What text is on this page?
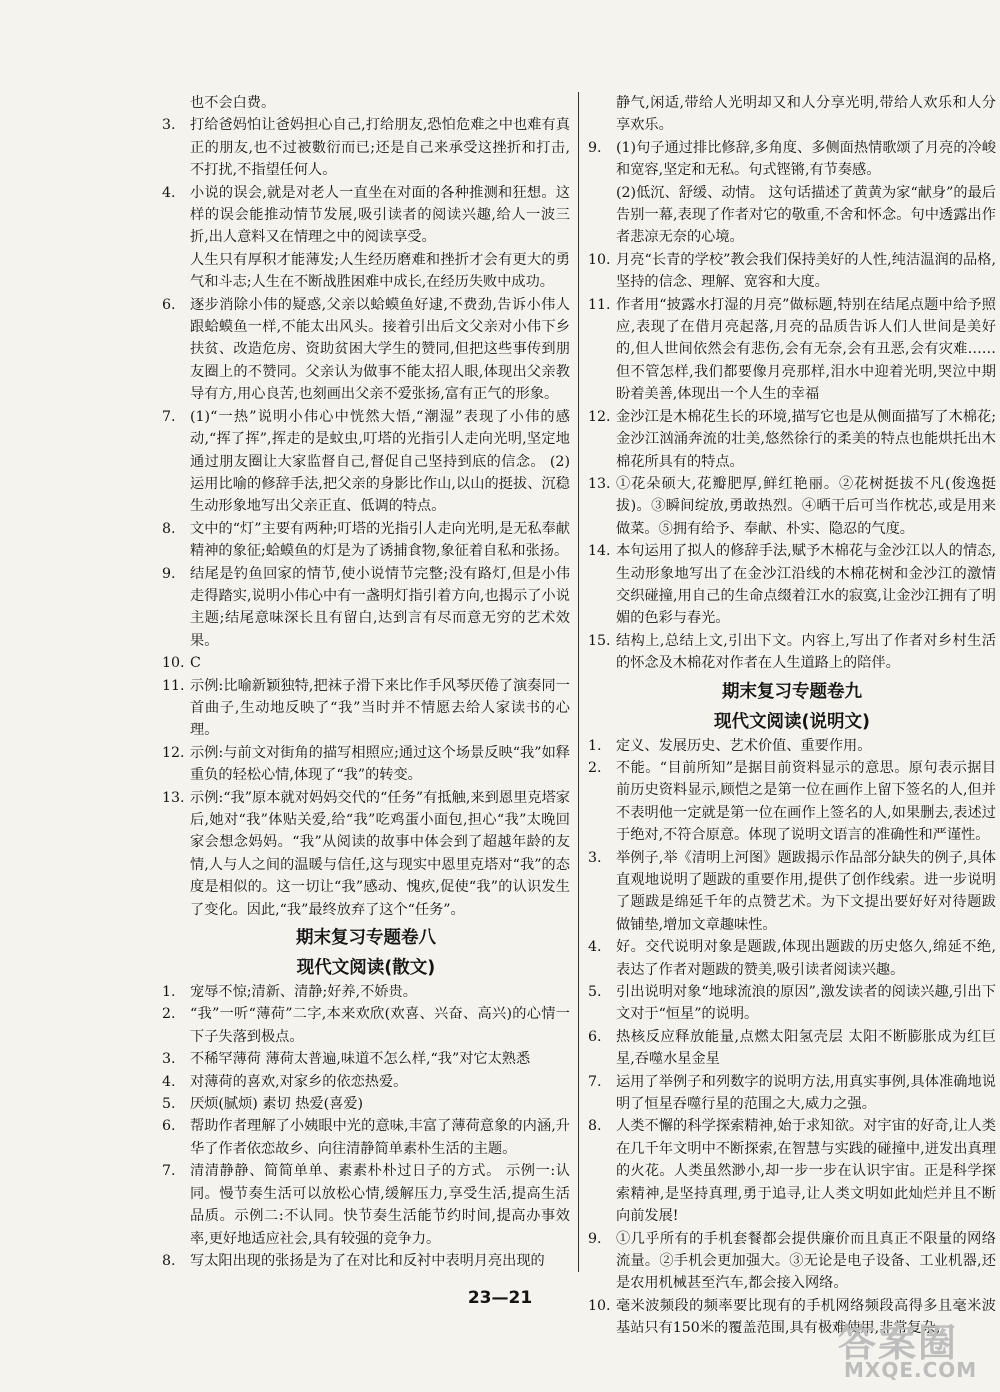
也不会白费。
3.	打给爸妈怕让爸妈担心自己,打给朋友,恐怕危难之中也难有真正的朋友,也不过被數衍而已;还是自己来承受这挫折和打击,不打扰,不指望任何人。
4.	小说的误会,就是对老人一直坐在对面的各种推测和狂想。这样的误会能推动情节发展,吸引读者的阅读兴趣,给人一波三折,出人意料又在情理之中的阅读享受。
人生只有厚积才能薄发;人生经历磨难和挫折才会有更大的勇气和斗志;人生在不断战胜困难中成长,在经历失败中成功。
6.	逐步消除小伟的疑惑,父亲以蛤蟆鱼好逮,不费劲,告诉小伟人跟蛤蟆鱼一样,不能太出风头。接着引出后文父亲对小伟下乡扶贫、改造危房、资助贫困大学生的赞同,但把这些事传到朋友圈上的不赞同。父亲认为做事不能太招人眼,体现出父亲教导有方,用心良苦,也刻画出父亲不爱张扬,富有正气的形象。
7.	(1)“一热”说明小伟心中恍然大悟,“潮湿”表现了小伟的感动,“挥了挥”,挥走的是蚊虫,叮塔的光指引人走向光明,坚定地通过朋友圈让大家监督自己,督促自己坚持到底的信念。 (2)运用比喻的修辞手法,把父亲的身影比作山,以山的挺拔、沉稳生动形象地写出父亲正直、低调的特点。
8.	文中的“灯”主要有两种;叮塔的光指引人走向光明,是无私奉献精神的象征;蛤蟆鱼的灯是为了诱捕食物,象征着自私和张扬。
9.	结尾是钓鱼回家的情节,使小说情节完整;没有路灯,但是小伟走得踏实,说明小伟心中有一盏明灯指引着方向,也揭示了小说主题;结尾意味深长且有留白,达到言有尽而意无穷的艺术效果。
10. C
11. 示例:比喻新颖独特,把袜子滑下来比作手风琴厌倦了演奏同一首曲子,生动地反映了“我”当时并不情愿去给人家读书的心理。
12. 示例:与前文对街角的描写相照应;通过这个场景反映“我”如释重负的轻松心情,体现了“我”的转变。
13. 示例:“我”原本就对妈妈交代的“任务”有抵触,来到恩里克塔家后,她对“我”体贴关爱,给“我”吃鸡蛋小面包,担心“我”太晚回家会想念妈妈。“我”从阅读的故事中体会到了超越年龄的友情,人与人之间的温暖与信任,这与现实中恩里克塔对“我”的态度是相似的。这一切让“我”感动、愧疚,促使“我”的认识发生了变化。因此,“我”最终放弃了这个“任务”。
期末复习专题卷八
现代文阅读(散文)
1.	宠辱不惊;清新、清静;好养,不娇贵。
2.	“我”一听“薄荷”二字,本来欢欣(欢喜、兴奋、高兴)的心情一下子失落到极点。
3.	不稀罕薄荷 薄荷太普遍,味道不怎么样,“我”对它太熟悉
4.	对薄荷的喜欢,对家乡的依恋热爱。
5.	厌烦(腻烦) 素切 热爱(喜爱)
6.	帮助作者理解了小姨眼中光的意味,丰富了薄荷意象的内涵,升华了作者依恋故乡、向往清静简单素朴生活的主题。
7.	清清静静、简简单单、素素朴朴过日子的方式。 示例一:认同。慢节奏生活可以放松心情,缓解压力,享受生活,提高生活品质。示例二:不认同。快节奏生活能节约时间,提高办事效率,更好地适应社会,具有较强的竞争力。
8.	写太阳出现的张扬是为了在对比和反衬中表明月亮出现的
静气,闲适,带给人光明却又和人分享光明,带给人欢乐和人分享欢乐。
9.	(1)句子通过排比修辞,多角度、多侧面热情歌颂了月亮的冷峻和宽容,坚定和无私。句式铿锵,有节奏感。
(2)低沉、舒缓、动情。 这句话描述了黄黄为家“献身”的最后告别一幕,表现了作者对它的敬重,不舍和怀念。句中透露出作者悲凉无奈的心境。
10. 月亮“长青的学校”教会我们保持美好的人性,纯洁温润的品格,坚持的信念、理解、宽容和大度。
11. 作者用“披露水打湿的月亮”做标题,特别在结尾点题中给予照应,表现了在借月亮起落,月亮的品质告诉人们人世间是美好的,但人世间依然会有悲伤,会有无奈,会有丑恶,会有灾难……但不管怎样,我们都要像月亮那样,泪水中迎着光明,哭泣中期盼着美善,体现出一个人生的幸福
12. 金沙江是木棉花生长的环境,描写它也是从侧面描写了木棉花;金沙江汹涌奔流的壮美,悠然徐行的柔美的特点也能烘托出木棉花所具有的特点。
13. ①花朵硕大,花瓣肥厚,鲜红艳丽。②花树挺拔不凡(俊逸挺拔)。③瞬间绽放,勇敢热烈。④晒干后可当作枕芯,或是用来做菜。⑤拥有给予、奉献、朴实、隐忍的气度。
14. 本句运用了拟人的修辞手法,赋予木棉花与金沙江以人的情态,生动形象地写出了在金沙江沿线的木棉花树和金沙江的激情交织碰撞,用自己的生命点缀着江水的寂寞,让金沙江拥有了明媚的色彩与春光。
15. 结构上,总结上文,引出下文。内容上,写出了作者对乡村生活的怀念及木棉花对作者在人生道路上的陪伴。
期末复习专题卷九
现代文阅读(说明文)
1.	定义、发展历史、艺术价值、重要作用。
2.	不能。“目前所知”是据目前资料显示的意思。原句表示据目前历史资料显示,顾恺之是第一位在画作上留下签名的人,但并不表明他一定就是第一位在画作上签名的人,如果删去,表述过于绝对,不符合原意。体现了说明文语言的准确性和严谨性。
3.	举例子,举《清明上河图》题跋揭示作品部分缺失的例子,具体直观地说明了题跋的重要作用,提供了创作线索。进一步说明了题跋是绵延千年的点赞艺术。为下文提出要好好对待题跋做铺垫,增加文章趣味性。
4.	好。交代说明对象是题跋,体现出题跋的历史悠久,绵延不绝,表达了作者对题跋的赞美,吸引读者阅读兴趣。
5.	引出说明对象“地球流浪的原因”,激发读者的阅读兴趣,引出下文对于“恒星”的说明。
6.	热核反应释放能量,点燃太阳氢壳层 太阳不断膨胀成为红巨星,吞噬水星金星
7.	运用了举例子和列数字的说明方法,用真实事例,具体准确地说明了恒星吞噬行星的范围之大,威力之强。
8.	人类不懈的科学探索精神,始于求知欲。对宇宙的好奇,让人类在几千年文明中不断探索,在智慧与实践的碰撞中,迸发出真理的火花。人类虽然渺小,却一步一步在认识宇宙。正是科学探索精神,是坚持真理,勇于追寻,让人类文明如此灿烂并且不断向前发展!
9.	①几乎所有的手机套餐都会提供廉价而且真正不限量的网络流量。②手机会更加强大。③无论是电子设备、工业机器,还是农用机械甚至汽车,都会接入网络。
10. 毫米波频段的频率要比现有的手机网络频段高得多且毫米波基站只有150米的覆盖范围,具有极难使用,非常复杂,
23—21
答案圈
MXQE.COM
